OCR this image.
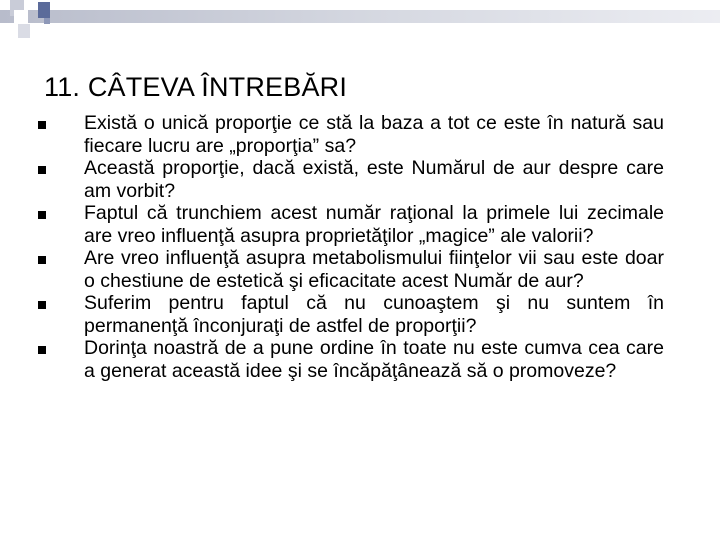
11. CÂTEVA ÎNTREBĂRI
Există o unică proporţie ce stă la baza a tot ce este în natură sau fiecare lucru are „proporţia” sa?
Această proporţie, dacă există, este Numărul de aur despre care am vorbit?
Faptul că trunchiem acest număr raţional la primele lui zecimale are vreo influenţă asupra proprietăţilor „magice” ale valorii?
Are vreo influenţă asupra metabolismului fiinţelor vii sau este doar o chestiune de estetică şi eficacitate acest Număr de aur?
Suferim pentru faptul că nu cunoaştem şi nu suntem în permanenţă înconjuraţi de astfel de proporţii?
Dorinţa noastră de a pune ordine în toate nu este cumva cea care a generat această idee şi se încăpăţânează să o promoveze?
